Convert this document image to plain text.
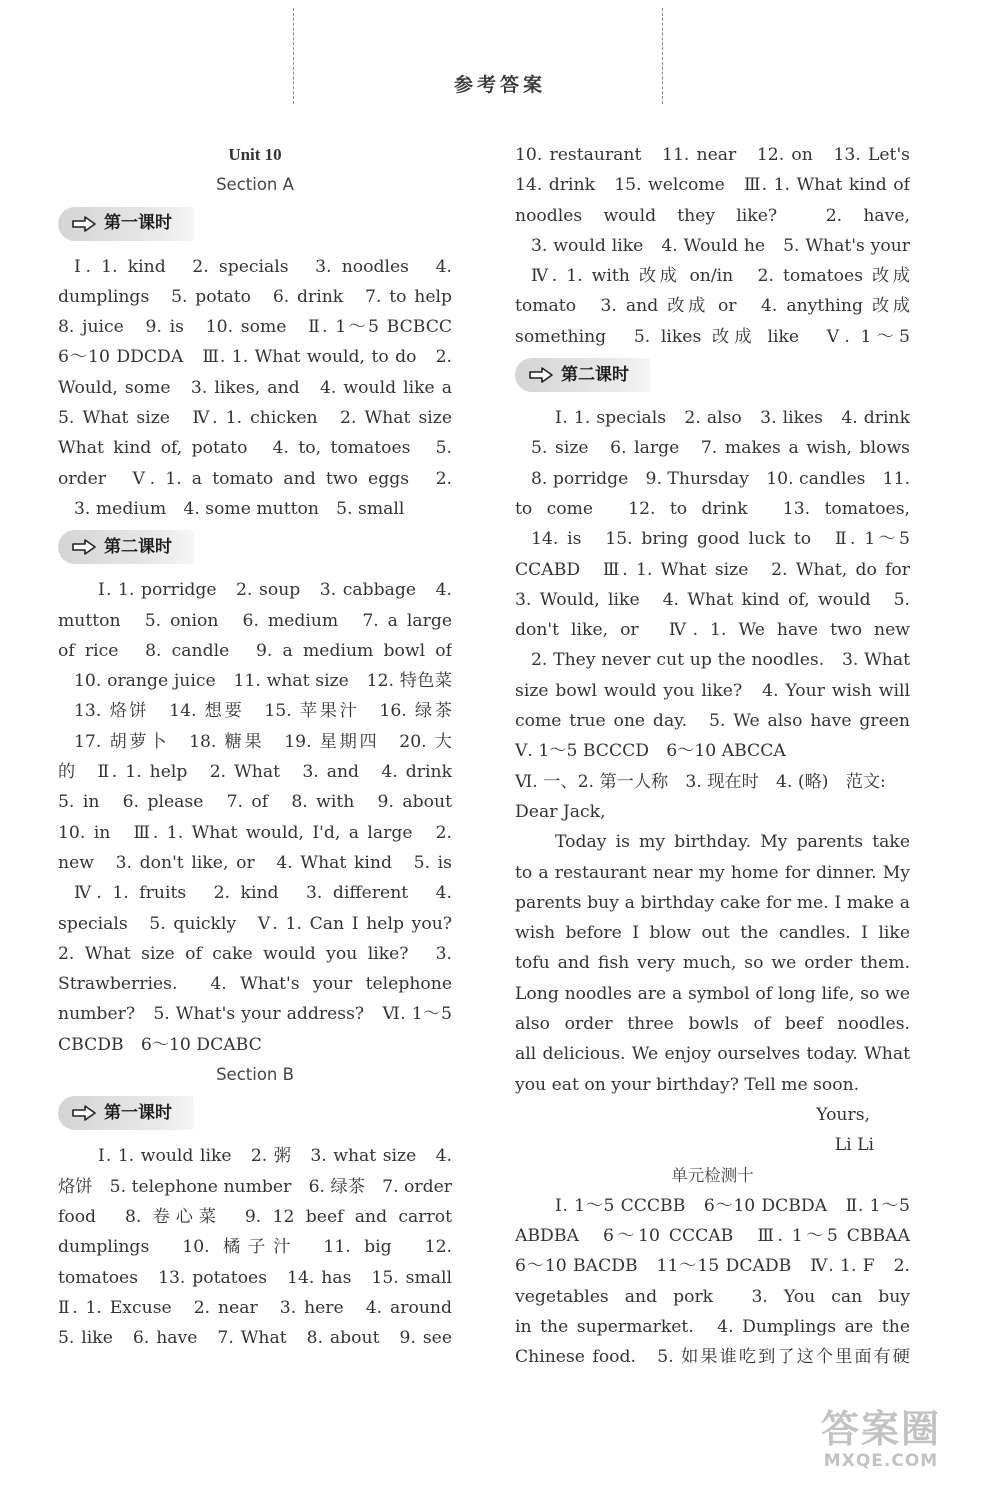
参考答案
Unit 10
Section A
第一课时
Ⅰ. 1. kind　2. specials　3. noodles　4.
dumplings　5. potato　6. drink　7. to help
8. juice　9. is　10. some　Ⅱ. 1～5 BCBCC
6～10 DDCDA　Ⅲ. 1. What would, to do　2.
Would, some　3. likes, and　4. would like a
5. What size　Ⅳ. 1. chicken　2. What size　
What kind of, potato　4. to, tomatoes　5.
order　Ⅴ. 1. a tomato and two eggs　2.
3. medium　4. some mutton　5. small
第二课时
Ⅰ. 1. porridge　2. soup　3. cabbage　4.
mutton　5. onion　6. medium　7. a large
of rice　8. candle　9. a medium bowl of
10. orange juice　11. what size　12. 特色菜
13. 烙饼　14. 想要　15. 苹果汁　16. 绿茶
17. 胡萝卜　18. 糖果　19. 星期四　20. 大
的　Ⅱ. 1. help　2. What　3. and　4. drink
5. in　6. please　7. of　8. with　9. about
10. in　Ⅲ. 1. What would, I'd, a large　2.
new　3. don't like, or　4. What kind　5. is
Ⅳ. 1. fruits　2. kind　3. different　4.
specials　5. quickly　Ⅴ. 1. Can I help you?
2. What size of cake would you like?　3.
Strawberries.　4. What's your telephone
number?　5. What's your address?　Ⅵ. 1～5
CBCDB　6～10 DCABC
Section B
第一课时
Ⅰ. 1. would like　2. 粥　3. what size　4.
烙饼　5. telephone number　6. 绿茶　7. order
food　8. 卷心菜　9. 12 beef and carrot
dumplings　10. 橘子汁　11. big　12.
tomatoes　13. potatoes　14. has　15. small
Ⅱ. 1. Excuse　2. near　3. here　4. around
5. like　6. have　7. What　8. about　9. see
10. restaurant　11. near　12. on　13. Let's
14. drink　15. welcome　Ⅲ. 1. What kind of
noodles would they like?　2. have,
3. would like　4. Would he　5. What's your
Ⅳ. 1. with 改成 on/in　2. tomatoes 改成
tomato　3. and 改成 or　4. anything 改成
something　5. likes 改成 like　Ⅴ. 1～5
第二课时
Ⅰ. 1. specials　2. also　3. likes　4. drink
5. size　6. large　7. makes a wish, blows
8. porridge　9. Thursday　10. candles　11.
to come　12. to drink　13. tomatoes,
14. is　15. bring good luck to　Ⅱ. 1～5
CCABD　Ⅲ. 1. What size　2. What, do for
3. Would, like　4. What kind of, would　5.
don't like, or　Ⅳ. 1. We have two new
2. They never cut up the noodles.　3. What
size bowl would you like?　4. Your wish will
come true one day.　5. We also have green
Ⅴ. 1～5 BCCCD　6～10 ABCCA
Ⅵ. 一、2. 第一人称　3. 现在时　4. (略)　范文:
Dear Jack,
Today is my birthday. My parents take
to a restaurant near my home for dinner. My
parents buy a birthday cake for me. I make a
wish before I blow out the candles. I like
tofu and fish very much, so we order them.
Long noodles are a symbol of long life, so we
also order three bowls of beef noodles.
all delicious. We enjoy ourselves today. What
you eat on your birthday? Tell me soon.
Yours,
Li Li
单元检测十
Ⅰ. 1～5 CCCBB　6～10 DCBDA　Ⅱ. 1～5
ABDBA　6～10 CCCAB　Ⅲ. 1～5 CBBAA
6～10 BACDB　11～15 DCADB　Ⅳ. 1. F　2.
vegetables and pork　3. You can buy
in the supermarket.　4. Dumplings are the
Chinese food.　5. 如果谁吃到了这个里面有硬
答案圈
MXQE.COM
